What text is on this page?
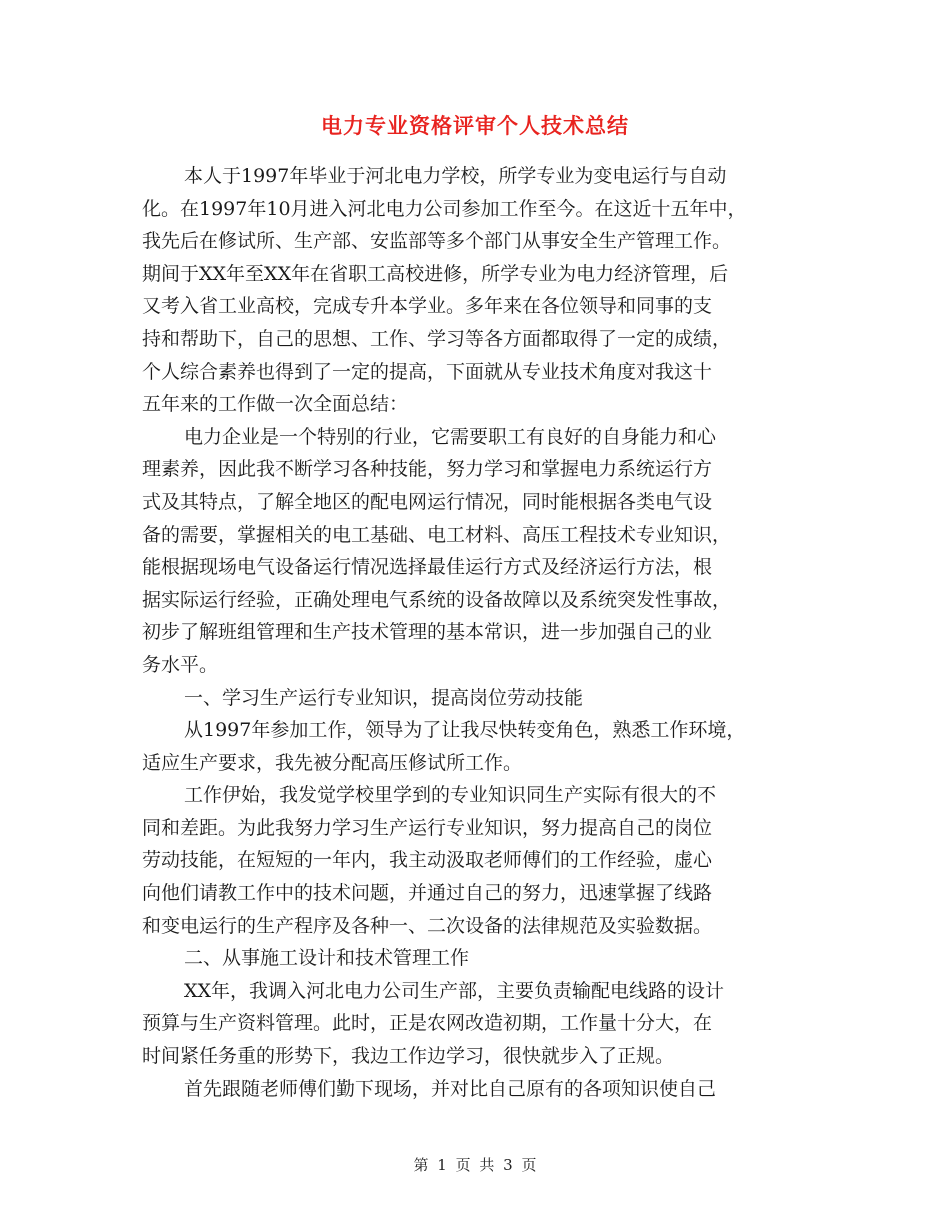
电力专业资格评审个人技术总结
本人于1997年毕业于河北电力学校，所学专业为变电运行与自动
化。在1997年10月进入河北电力公司参加工作至今。在这近十五年中，
我先后在修试所、生产部、安监部等多个部门从事安全生产管理工作。
期间于XX年至XX年在省职工高校进修，所学专业为电力经济管理，后
又考入省工业高校，完成专升本学业。多年来在各位领导和同事的支
持和帮助下，自己的思想、工作、学习等各方面都取得了一定的成绩，
个人综合素养也得到了一定的提高，下面就从专业技术角度对我这十
五年来的工作做一次全面总结：
电力企业是一个特别的行业，它需要职工有良好的自身能力和心
理素养，因此我不断学习各种技能，努力学习和掌握电力系统运行方
式及其特点，了解全地区的配电网运行情况，同时能根据各类电气设
备的需要，掌握相关的电工基础、电工材料、高压工程技术专业知识，
能根据现场电气设备运行情况选择最佳运行方式及经济运行方法，根
据实际运行经验，正确处理电气系统的设备故障以及系统突发性事故，
初步了解班组管理和生产技术管理的基本常识，进一步加强自己的业
务水平。
一、学习生产运行专业知识，提高岗位劳动技能
从1997年参加工作，领导为了让我尽快转变角色，熟悉工作环境，
适应生产要求，我先被分配高压修试所工作。
工作伊始，我发觉学校里学到的专业知识同生产实际有很大的不
同和差距。为此我努力学习生产运行专业知识，努力提高自己的岗位
劳动技能，在短短的一年内，我主动汲取老师傅们的工作经验，虚心
向他们请教工作中的技术问题，并通过自己的努力，迅速掌握了线路
和变电运行的生产程序及各种一、二次设备的法律规范及实验数据。
二、从事施工设计和技术管理工作
XX年，我调入河北电力公司生产部，主要负责输配电线路的设计
预算与生产资料管理。此时，正是农网改造初期，工作量十分大，在
时间紧任务重的形势下，我边工作边学习，很快就步入了正规。
首先跟随老师傅们勤下现场，并对比自己原有的各项知识使自己
第 1 页 共 3 页
